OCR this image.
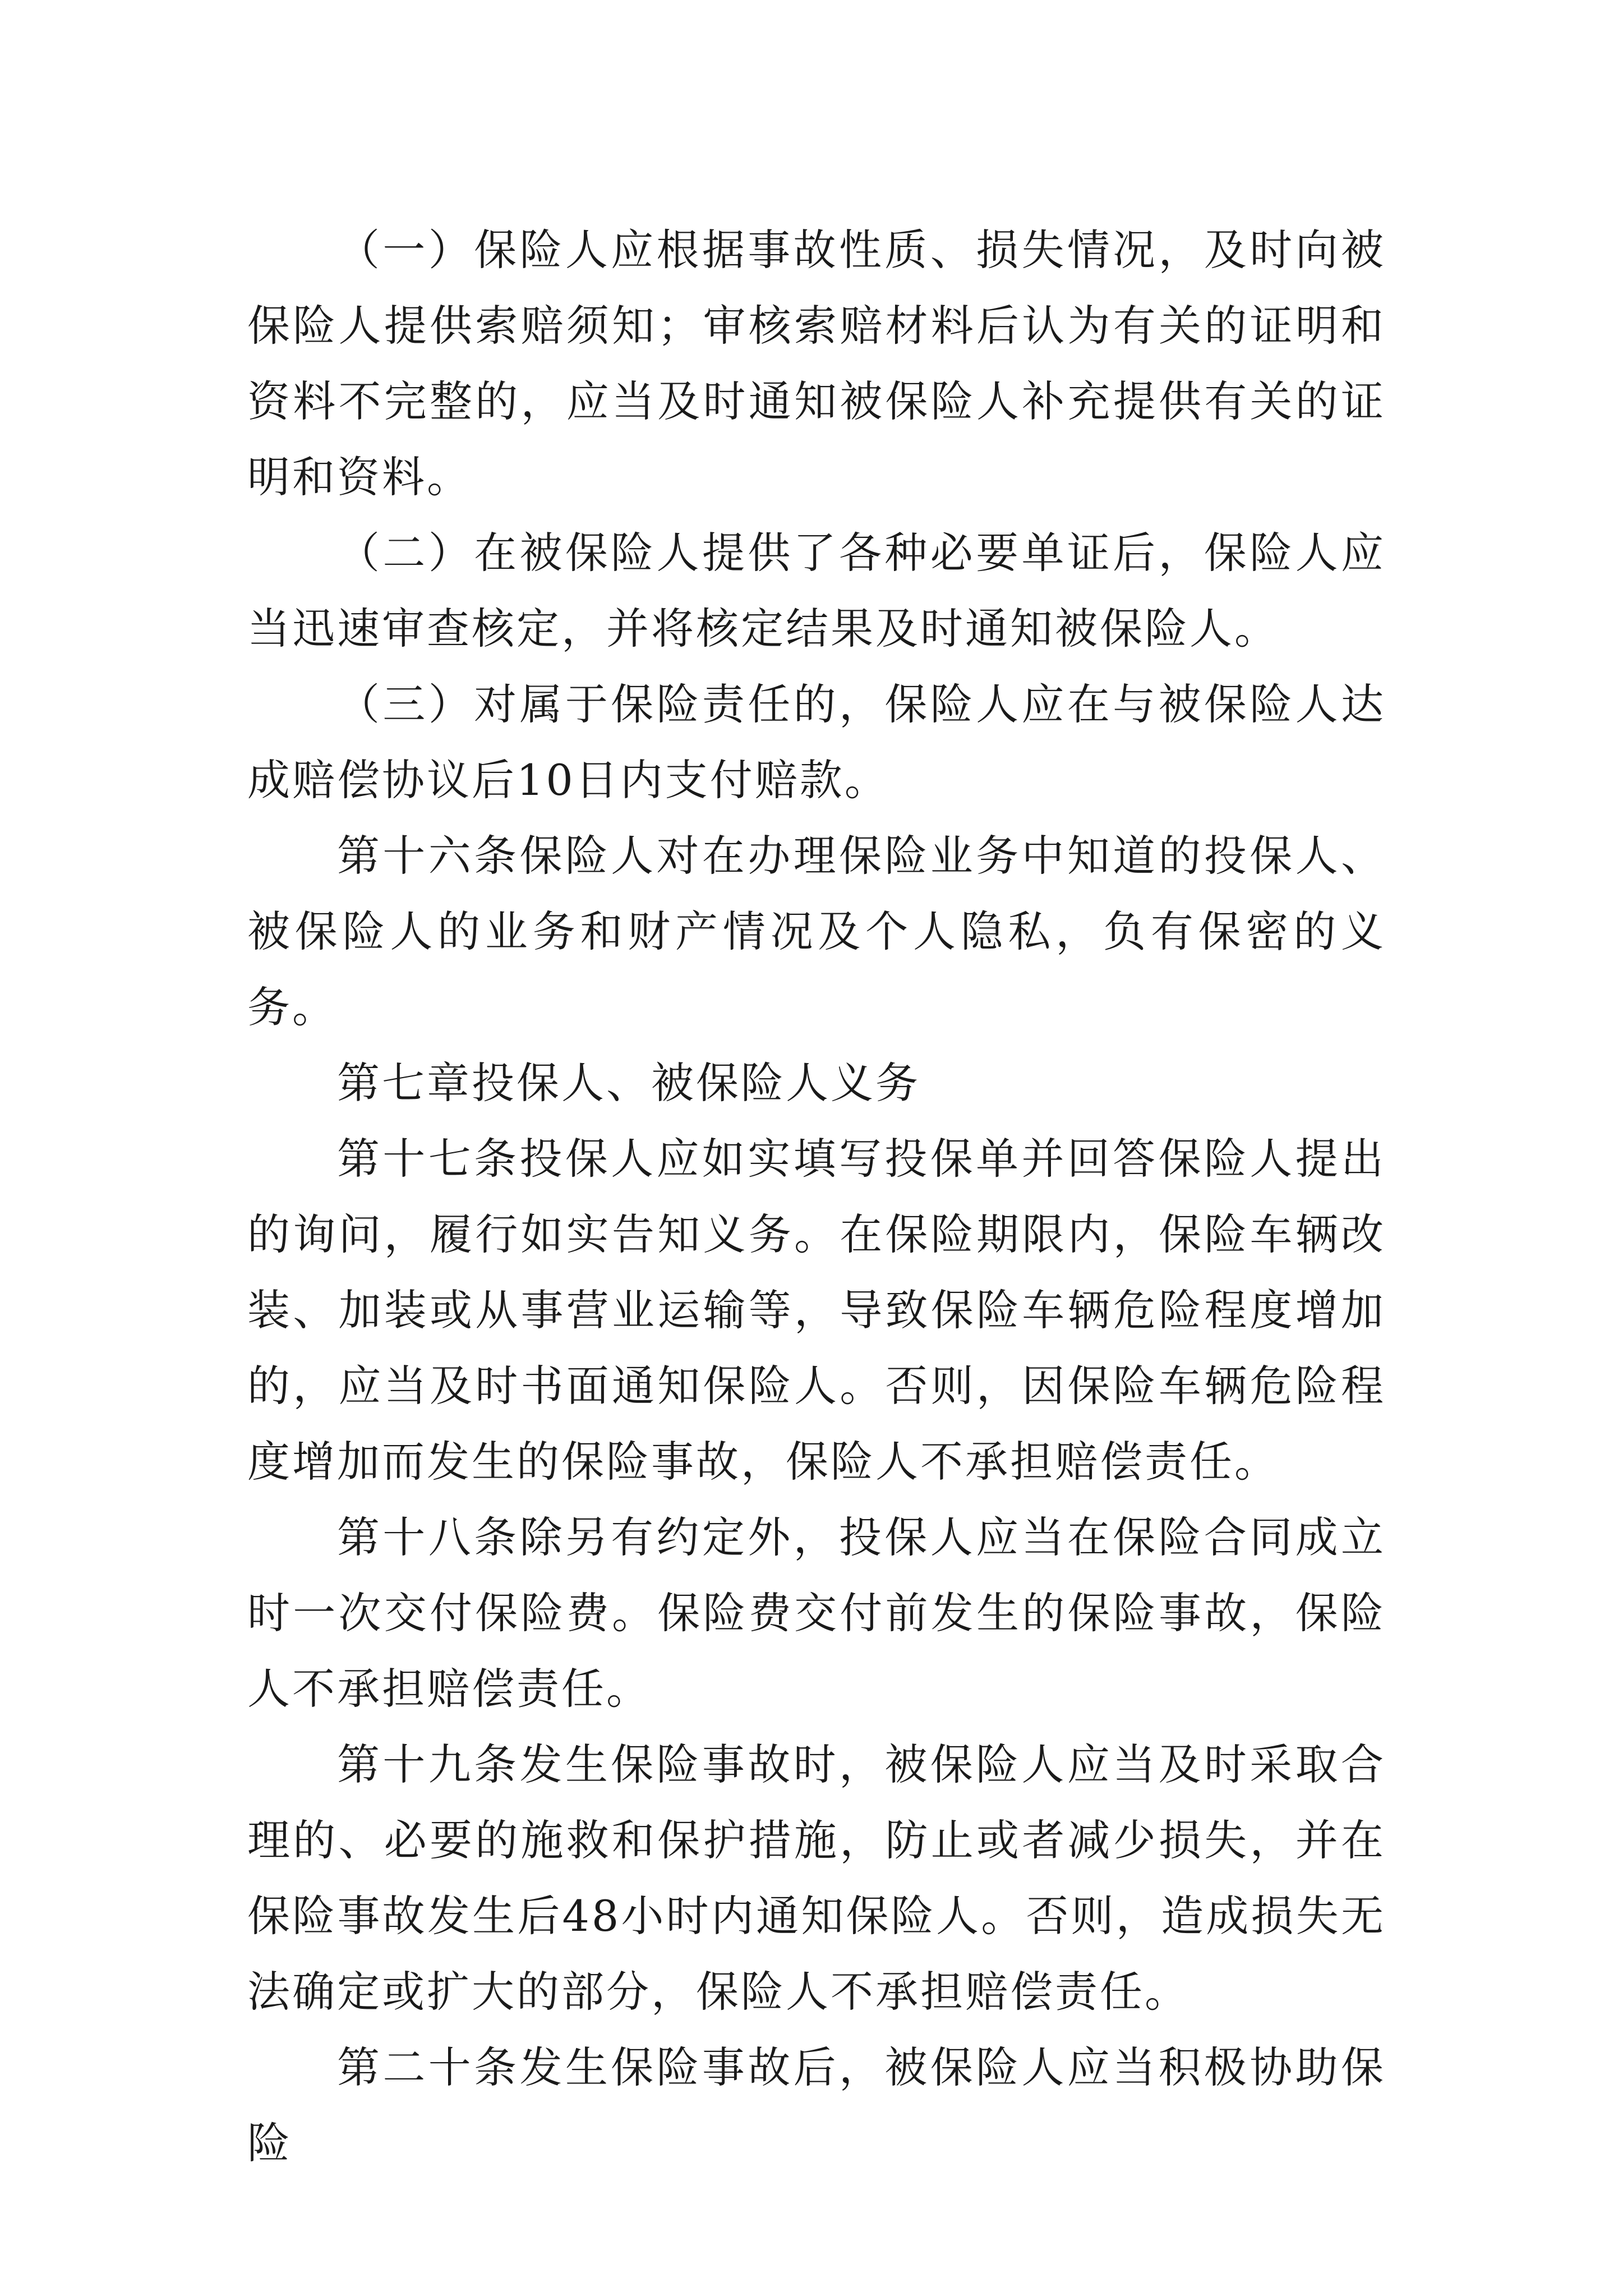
（一）保险人应根据事故性质、损失情况，及时向被保险人提供索赔须知；审核索赔材料后认为有关的证明和资料不完整的，应当及时通知被保险人补充提供有关的证明和资料。

（二）在被保险人提供了各种必要单证后，保险人应当迅速审查核定，并将核定结果及时通知被保险人。

（三）对属于保险责任的，保险人应在与被保险人达成赔偿协议后10日内支付赔款。

第十六条保险人对在办理保险业务中知道的投保人、被保险人的业务和财产情况及个人隐私，负有保密的义务。

第七章投保人、被保险人义务

第十七条投保人应如实填写投保单并回答保险人提出的询问，履行如实告知义务。在保险期限内，保险车辆改装、加装或从事营业运输等，导致保险车辆危险程度增加的，应当及时书面通知保险人。否则，因保险车辆危险程度增加而发生的保险事故，保险人不承担赔偿责任。

第十八条除另有约定外，投保人应当在保险合同成立时一次交付保险费。保险费交付前发生的保险事故，保险人不承担赔偿责任。

第十九条发生保险事故时，被保险人应当及时采取合理的、必要的施救和保护措施，防止或者减少损失，并在保险事故发生后48小时内通知保险人。否则，造成损失无法确定或扩大的部分，保险人不承担赔偿责任。

第二十条发生保险事故后，被保险人应当积极协助保险
